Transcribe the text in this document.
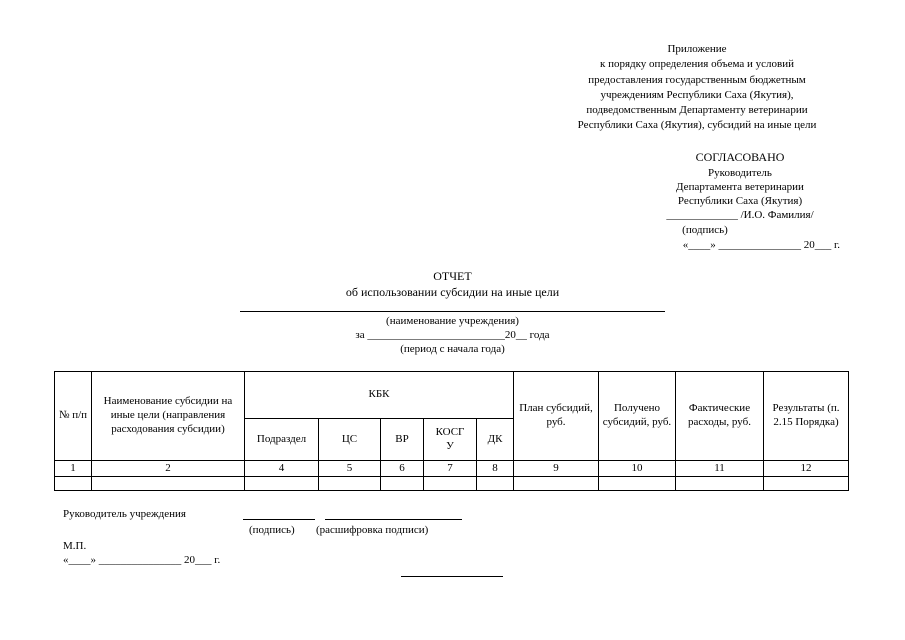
Приложение
к порядку определения объема и условий
предоставления государственным бюджетным
учреждениям Республики Саха (Якутия),
подведомственным Департаменту ветеринарии
Республики Саха (Якутия), субсидий на иные цели
СОГЛАСОВАНО
Руководитель
Департамента ветеринарии
Республики Саха (Якутия)
_____________ /И.О. Фамилия/
(подпись)
«____» _______________ 20___ г.
ОТЧЕТ
об использовании субсидии на иные цели
(наименование учреждения)
за _________________________20__ года
(период с начала года)
№ п/п	Наименование субсидии на иные цели (направления расходования субсидии)	КБК					План субсидий, руб.	Получено субсидий, руб.	Фактические расходы, руб.	Результаты (п. 2.15 Порядка)
		Подраздел	ЦС	ВР	КОСГУ	ДК				
1	2	4	5	6	7	8	9	10	11	12

Руководитель учреждения
(подпись) (расшифровка подписи)
М.П.
«____» _______________ 20___ г.
